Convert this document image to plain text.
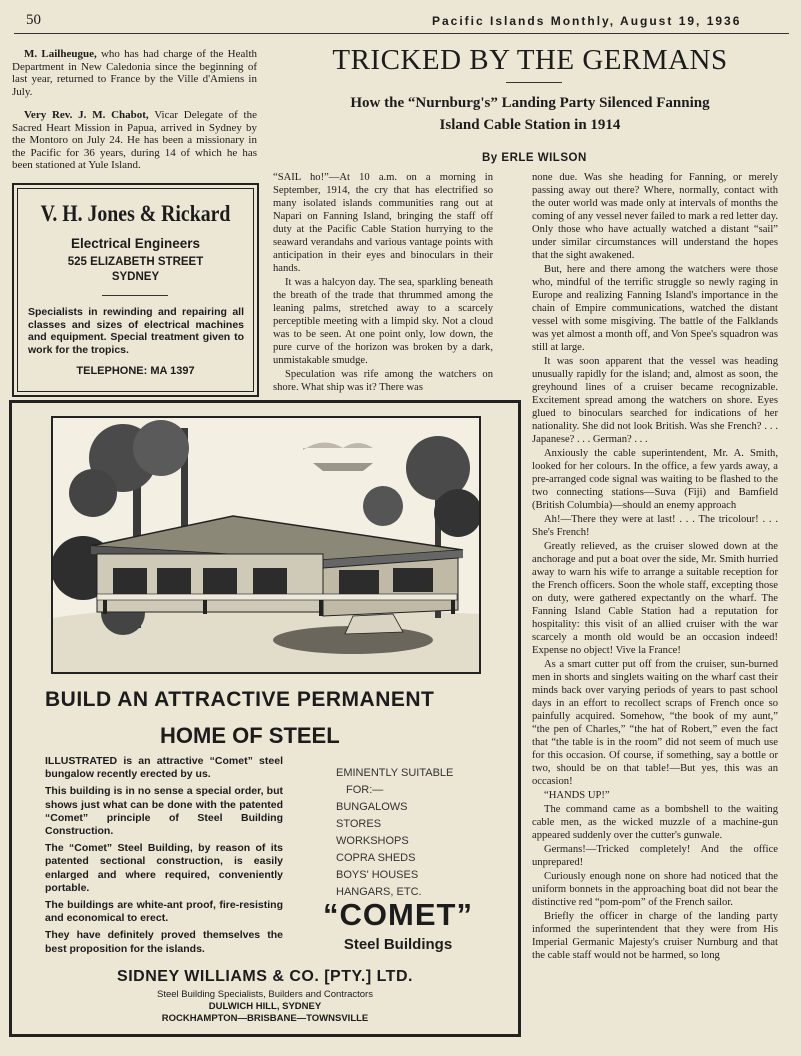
50	Pacific Islands Monthly, August 19, 1936

M. Lailheugue, who has had charge of the Health Department in New Caledonia since the beginning of last year, returned to France by the Ville d'Amiens in July.

Very Rev. J. M. Chabot, Vicar Delegate of the Sacred Heart Mission in Papua, arrived in Sydney by the Montoro on July 24. He has been a missionary in the Pacific for 36 years, during 14 of which he has been stationed at Yule Island.

V. H. Jones & Rickard
Electrical Engineers
525 ELIZABETH STREET
SYDNEY
Specialists in rewinding and repairing all classes and sizes of electrical machines and equipment. Special treatment given to work for the tropics.
TELEPHONE: MA 1397
TRICKED BY THE GERMANS
How the “Nurnburg's” Landing Party Silenced Fanning
Island Cable Station in 1914
By ERLE WILSON

“SAIL ho!”—At 10 a.m. on a morning in September, 1914, the cry that has electrified so many isolated islands communities rang out at Napari on Fanning Island, bringing the staff off duty at the Pacific Cable Station hurrying to the seaward verandahs and various vantage points with anticipation in their eyes and binoculars in their hands.

It was a halcyon day. The sea, sparkling beneath the breath of the trade that thrummed among the leaning palms, stretched away to a scarcely perceptible meeting with a limpid sky. Not a cloud was to be seen. At one point only, low down, the pure curve of the horizon was broken by a dark, unmistakable smudge.

Speculation was rife among the watchers on shore. What ship was it? There was

none due. Was she heading for Fanning, or merely passing away out there? Where, normally, contact with the outer world was made only at intervals of months the coming of any vessel never failed to mark a red letter day. Only those who have actually watched a distant “sail” under similar circumstances will understand the hopes that the sight awakened.

But, here and there among the watchers were those who, mindful of the terrific struggle so newly raging in Europe and realizing Fanning Island's importance in the chain of Empire communications, watched the distant vessel with some misgiving. The battle of the Falklands was yet almost a month off, and Von Spee's squadron was still at large.

It was soon apparent that the vessel was heading unusually rapidly for the island; and, almost as soon, the greyhound lines of a cruiser became recognizable. Excitement spread among the watchers on shore. Eyes glued to binoculars searched for indications of her nationality. She did not look British. Was she French? . . . Japanese? . . . German? . . .

Anxiously the cable superintendent, Mr. A. Smith, looked for her colours. In the office, a few yards away, a pre-arranged code signal was waiting to be flashed to the two connecting stations—Suva (Fiji) and Bamfield (British Columbia)—should an enemy approach

Ah!—There they were at last! . . . The tricolour! . . . She's French!

Greatly relieved, as the cruiser slowed down at the anchorage and put a boat over the side, Mr. Smith hurried away to warn his wife to arrange a suitable reception for the French officers. Soon the whole staff, excepting those on duty, were gathered expectantly on the wharf. The Fanning Island Cable Station had a reputation for hospitality: this visit of an allied cruiser with the war scarcely a month old would be an occasion indeed! Expense no object! Vive la France!

As a smart cutter put off from the cruiser, sun-burned men in shorts and singlets waiting on the wharf cast their minds back over varying periods of years to past school days in an effort to recollect scraps of French once so painfully acquired. Somehow, “the book of my aunt,” “the pen of Charles,” “the hat of Robert,” even the fact that “the table is in the room” did not seem of much use for this occasion. Of course, if something, say a bottle or two, should be on that table!—But yes, this was an occasion!

“HANDS UP!”

The command came as a bombshell to the waiting cable men, as the wicked muzzle of a machine-gun appeared suddenly over the cutter's gunwale.

Germans!—Tricked completely! And the office unprepared!

Curiously enough none on shore had noticed that the uniform bonnets in the approaching boat did not bear the distinctive red “pom-pom” of the French sailor.

Briefly the officer in charge of the landing party informed the superintendent that they were from His Imperial Germanic Majesty's cruiser Nurnburg and that the cable staff would not be harmed, so long

BUILD AN ATTRACTIVE PERMANENT
HOME OF STEEL

ILLUSTRATED is an attractive “Comet” steel bungalow recently erected by us.

This building is in no sense a special order, but shows just what can be done with the patented “Comet” principle of Steel Building Construction.

The “Comet” Steel Building, by reason of its patented sectional construction, is easily enlarged and where required, conveniently portable.

The buildings are white-ant proof, fire-resisting and economical to erect.

They have definitely proved themselves the best proposition for the islands.

EMINENTLY SUITABLE
FOR:—
BUNGALOWS
STORES
WORKSHOPS
COPRA SHEDS
BOYS' HOUSES
HANGARS, ETC.
“COMET”
Steel Buildings
SIDNEY WILLIAMS & CO. [PTY.] LTD.
Steel Building Specialists, Builders and Contractors
DULWICH HILL, SYDNEY
ROCKHAMPTON—BRISBANE—TOWNSVILLE
